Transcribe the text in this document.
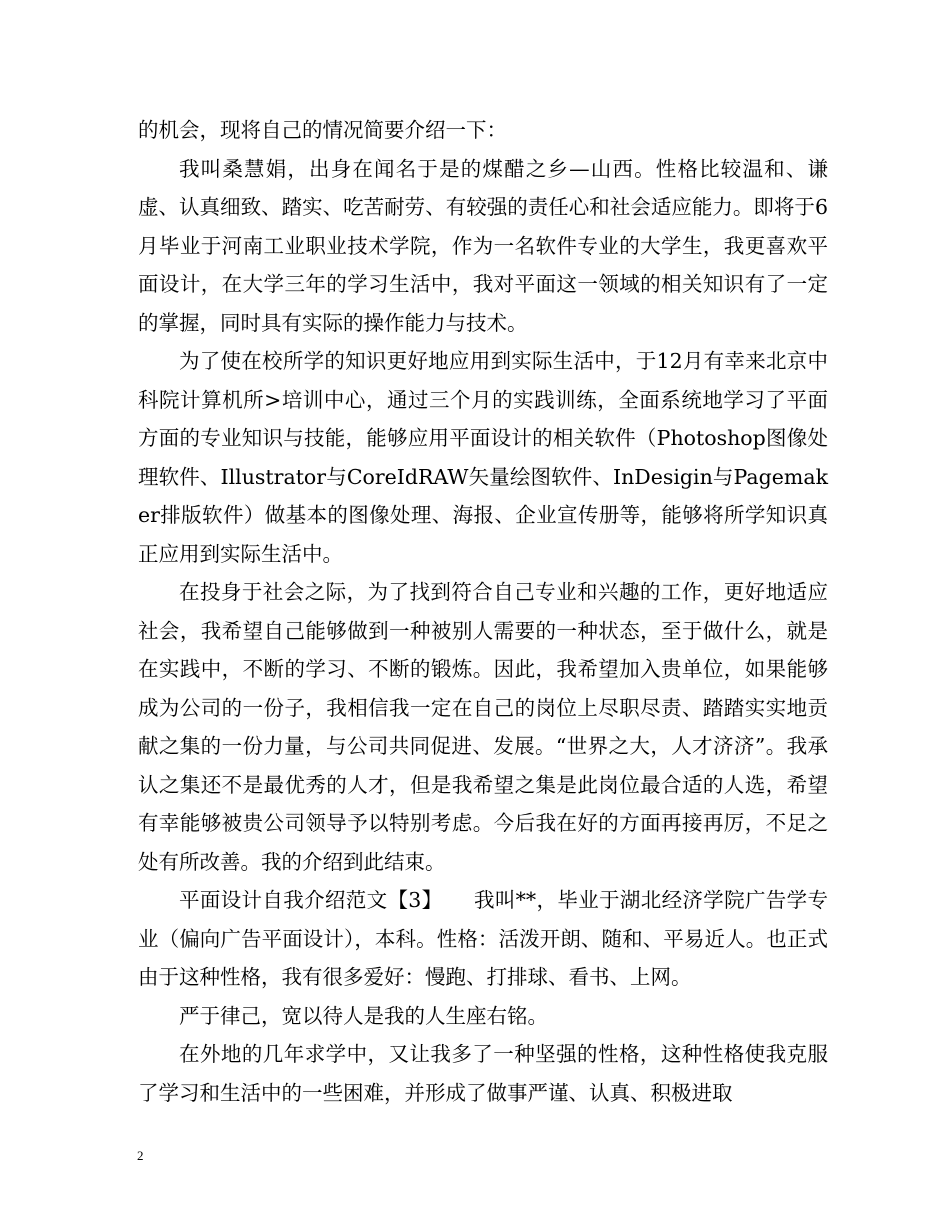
的机会，现将自己的情况简要介绍一下：

我叫桑慧娟，出身在闻名于是的煤醋之乡—山西。性格比较温和、谦虚、认真细致、踏实、吃苦耐劳、有较强的责任心和社会适应能力。即将于6月毕业于河南工业职业技术学院，作为一名软件专业的大学生，我更喜欢平面设计，在大学三年的学习生活中，我对平面这一领域的相关知识有了一定的掌握，同时具有实际的操作能力与技术。

为了使在校所学的知识更好地应用到实际生活中，于12月有幸来北京中科院计算机所>培训中心，通过三个月的实践训练，全面系统地学习了平面方面的专业知识与技能，能够应用平面设计的相关软件（Photoshop图像处理软件、Illustrator与CoreIdRAW矢量绘图软件、InDesigin与Pagemaker排版软件）做基本的图像处理、海报、企业宣传册等，能够将所学知识真正应用到实际生活中。

在投身于社会之际，为了找到符合自己专业和兴趣的工作，更好地适应社会，我希望自己能够做到一种被别人需要的一种状态，至于做什么，就是在实践中，不断的学习、不断的锻炼。因此，我希望加入贵单位，如果能够成为公司的一份子，我相信我一定在自己的岗位上尽职尽责、踏踏实实地贡献之集的一份力量，与公司共同促进、发展。“世界之大，人才济济”。我承认之集还不是最优秀的人才，但是我希望之集是此岗位最合适的人选，希望有幸能够被贵公司领导予以特别考虑。今后我在好的方面再接再厉，不足之处有所改善。我的介绍到此结束。

平面设计自我介绍范文【3】　　我叫**，毕业于湖北经济学院广告学专业（偏向广告平面设计），本科。性格：活泼开朗、随和、平易近人。也正式由于这种性格，我有很多爱好：慢跑、打排球、看书、上网。

严于律己，宽以待人是我的人生座右铭。

在外地的几年求学中，又让我多了一种坚强的性格，这种性格使我克服了学习和生活中的一些困难，并形成了做事严谨、认真、积极进取

2
